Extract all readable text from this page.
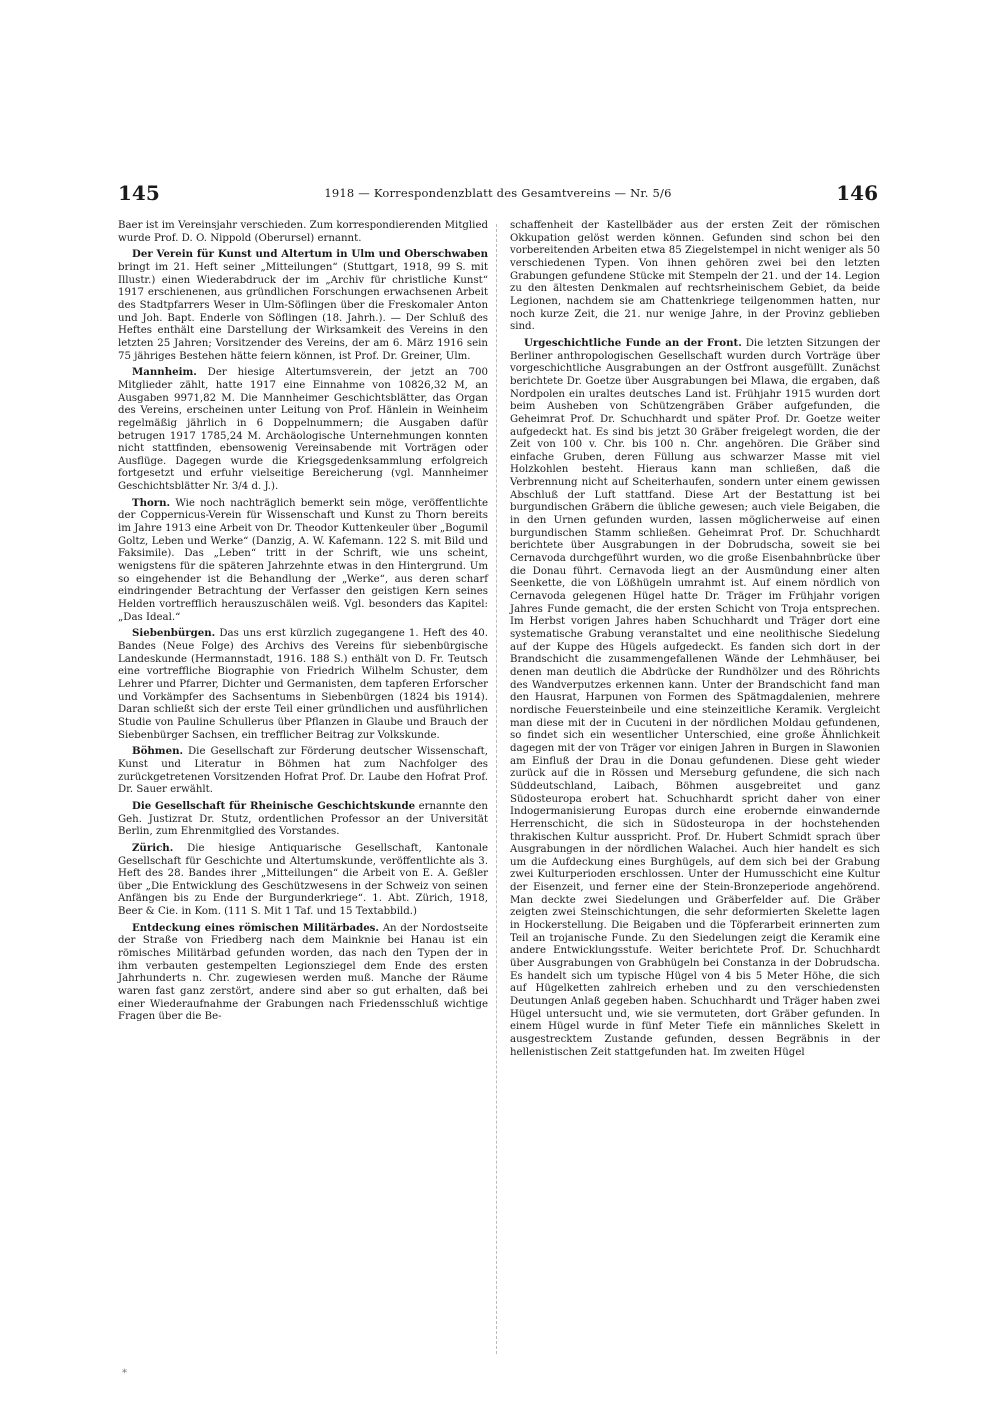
145	1918 — Korrespondenzblatt des Gesamtvereins — Nr. 5/6	146

Baer ist im Vereinsjahr verschieden. Zum korrespondierenden Mitglied wurde Prof. D. O. Nippold (Oberursel) ernannt.

Der Verein für Kunst und Altertum in Ulm und Oberschwaben bringt im 21. Heft seiner „Mitteilungen“ (Stuttgart, 1918, 99 S. mit Illustr.) einen Wiederabdruck der im „Archiv für christliche Kunst“ 1917 erschienenen, aus gründlichen Forschungen erwachsenen Arbeit des Stadtpfarrers Weser in Ulm-Söflingen über die Freskomaler Anton und Joh. Bapt. Enderle von Söflingen (18. Jahrh.). — Der Schluß des Heftes enthält eine Darstellung der Wirksamkeit des Vereins in den letzten 25 Jahren; Vorsitzender des Vereins, der am 6. März 1916 sein 75 jähriges Bestehen hätte feiern können, ist Prof. Dr. Greiner, Ulm.

Mannheim. Der hiesige Altertumsverein, der jetzt an 700 Mitglieder zählt, hatte 1917 eine Einnahme von 10826,32 M, an Ausgaben 9971,82 M. Die Mannheimer Geschichtsblätter, das Organ des Vereins, erscheinen unter Leitung von Prof. Hänlein in Weinheim regelmäßig jährlich in 6 Doppelnummern; die Ausgaben dafür betrugen 1917 1785,24 M. Archäologische Unternehmungen konnten nicht stattfinden, ebensowenig Vereinsabende mit Vorträgen oder Ausflüge. Dagegen wurde die Kriegsgedenksammlung erfolgreich fortgesetzt und erfuhr vielseitige Bereicherung (vgl. Mannheimer Geschichtsblätter Nr. 3/4 d. J.).

Thorn. Wie noch nachträglich bemerkt sein möge, veröffentlichte der Coppernicus-Verein für Wissenschaft und Kunst zu Thorn bereits im Jahre 1913 eine Arbeit von Dr. Theodor Kuttenkeuler über „Bogumil Goltz, Leben und Werke“ (Danzig, A. W. Kafemann. 122 S. mit Bild und Faksimile). Das „Leben“ tritt in der Schrift, wie uns scheint, wenigstens für die späteren Jahrzehnte etwas in den Hintergrund. Um so eingehender ist die Behandlung der „Werke“, aus deren scharf eindringender Betrachtung der Verfasser den geistigen Kern seines Helden vortrefflich herauszuschälen weiß. Vgl. besonders das Kapitel: „Das Ideal.“

Siebenbürgen. Das uns erst kürzlich zugegangene 1. Heft des 40. Bandes (Neue Folge) des Archivs des Vereins für siebenbürgische Landeskunde (Hermannstadt, 1916. 188 S.) enthält von D. Fr. Teutsch eine vortreffliche Biographie von Friedrich Wilhelm Schuster, dem Lehrer und Pfarrer, Dichter und Germanisten, dem tapferen Erforscher und Vorkämpfer des Sachsentums in Siebenbürgen (1824 bis 1914). Daran schließt sich der erste Teil einer gründlichen und ausführlichen Studie von Pauline Schullerus über Pflanzen in Glaube und Brauch der Siebenbürger Sachsen, ein trefflicher Beitrag zur Volkskunde.

Böhmen. Die Gesellschaft zur Förderung deutscher Wissenschaft, Kunst und Literatur in Böhmen hat zum Nachfolger des zurückgetretenen Vorsitzenden Hofrat Prof. Dr. Laube den Hofrat Prof. Dr. Sauer erwählt.

Die Gesellschaft für Rheinische Geschichtskunde ernannte den Geh. Justizrat Dr. Stutz, ordentlichen Professor an der Universität Berlin, zum Ehrenmitglied des Vorstandes.

Zürich. Die hiesige Antiquarische Gesellschaft, Kantonale Gesellschaft für Geschichte und Altertumskunde, veröffentlichte als 3. Heft des 28. Bandes ihrer „Mitteilungen“ die Arbeit von E. A. Geßler über „Die Entwicklung des Geschützwesens in der Schweiz von seinen Anfängen bis zu Ende der Burgunderkriege“. 1. Abt. Zürich, 1918, Beer & Cie. in Kom. (111 S. Mit 1 Taf. und 15 Textabbild.)

Entdeckung eines römischen Militärbades. An der Nordostseite der Straße von Friedberg nach dem Mainknie bei Hanau ist ein römisches Militärbad gefunden worden, das nach den Typen der in ihm verbauten gestempelten Legionsziegel dem Ende des ersten Jahrhunderts n. Chr. zugewiesen werden muß. Manche der Räume waren fast ganz zerstört, andere sind aber so gut erhalten, daß bei einer Wiederaufnahme der Grabungen nach Friedensschluß wichtige Fragen über die Be-

schaffenheit der Kastellbäder aus der ersten Zeit der römischen Okkupation gelöst werden können. Gefunden sind schon bei den vorbereitenden Arbeiten etwa 85 Ziegelstempel in nicht weniger als 50 verschiedenen Typen. Von ihnen gehören zwei bei den letzten Grabungen gefundene Stücke mit Stempeln der 21. und der 14. Legion zu den ältesten Denkmalen auf rechtsrheinischem Gebiet, da beide Legionen, nachdem sie am Chattenkriege teilgenommen hatten, nur noch kurze Zeit, die 21. nur wenige Jahre, in der Provinz geblieben sind.

Urgeschichtliche Funde an der Front. Die letzten Sitzungen der Berliner anthropologischen Gesellschaft wurden durch Vorträge über vorgeschichtliche Ausgrabungen an der Ostfront ausgefüllt. Zunächst berichtete Dr. Goetze über Ausgrabungen bei Mlawa, die ergaben, daß Nordpolen ein uraltes deutsches Land ist. Frühjahr 1915 wurden dort beim Ausheben von Schützengräben Gräber aufgefunden, die Geheimrat Prof. Dr. Schuchhardt und später Prof. Dr. Goetze weiter aufgedeckt hat. Es sind bis jetzt 30 Gräber freigelegt worden, die der Zeit von 100 v. Chr. bis 100 n. Chr. angehören. Die Gräber sind einfache Gruben, deren Füllung aus schwarzer Masse mit viel Holzkohlen besteht. Hieraus kann man schließen, daß die Verbrennung nicht auf Scheiterhaufen, sondern unter einem gewissen Abschluß der Luft stattfand. Diese Art der Bestattung ist bei burgundischen Gräbern die übliche gewesen; auch viele Beigaben, die in den Urnen gefunden wurden, lassen möglicherweise auf einen burgundischen Stamm schließen. Geheimrat Prof. Dr. Schuchhardt berichtete über Ausgrabungen in der Dobrudscha, soweit sie bei Cernavoda durchgeführt wurden, wo die große Eisenbahnbrücke über die Donau führt. Cernavoda liegt an der Ausmündung einer alten Seenkette, die von Lößhügeln umrahmt ist. Auf einem nördlich von Cernavoda gelegenen Hügel hatte Dr. Träger im Frühjahr vorigen Jahres Funde gemacht, die der ersten Schicht von Troja entsprechen. Im Herbst vorigen Jahres haben Schuchhardt und Träger dort eine systematische Grabung veranstaltet und eine neolithische Siedelung auf der Kuppe des Hügels aufgedeckt. Es fanden sich dort in der Brandschicht die zusammengefallenen Wände der Lehmhäuser, bei denen man deutlich die Abdrücke der Rundhölzer und des Röhrichts des Wandverputzes erkennen kann. Unter der Brandschicht fand man den Hausrat, Harpunen von Formen des Spätmagdalenien, mehrere nordische Feuersteinbeile und eine steinzeitliche Keramik. Vergleicht man diese mit der in Cucuteni in der nördlichen Moldau gefundenen, so findet sich ein wesentlicher Unterschied, eine große Ähnlichkeit dagegen mit der von Träger vor einigen Jahren in Burgen in Slawonien am Einfluß der Drau in die Donau gefundenen. Diese geht wieder zurück auf die in Rössen und Merseburg gefundene, die sich nach Süddeutschland, Laibach, Böhmen ausgebreitet und ganz Südosteuropa erobert hat. Schuchhardt spricht daher von einer Indogermanisierung Europas durch eine erobernde einwandernde Herrenschicht, die sich in Südosteuropa in der hochstehenden thrakischen Kultur ausspricht. Prof. Dr. Hubert Schmidt sprach über Ausgrabungen in der nördlichen Walachei. Auch hier handelt es sich um die Aufdeckung eines Burghügels, auf dem sich bei der Grabung zwei Kulturperioden erschlossen. Unter der Humusschicht eine Kultur der Eisenzeit, und ferner eine der Stein-Bronzeperiode angehörend. Man deckte zwei Siedelungen und Gräberfelder auf. Die Gräber zeigten zwei Steinschichtungen, die sehr deformierten Skelette lagen in Hockerstellung. Die Beigaben und die Töpferarbeit erinnerten zum Teil an trojanische Funde. Zu den Siedelungen zeigt die Keramik eine andere Entwicklungsstufe. Weiter berichtete Prof. Dr. Schuchhardt über Ausgrabungen von Grabhügeln bei Constanza in der Dobrudscha. Es handelt sich um typische Hügel von 4 bis 5 Meter Höhe, die sich auf Hügelketten zahlreich erheben und zu den verschiedensten Deutungen Anlaß gegeben haben. Schuchhardt und Träger haben zwei Hügel untersucht und, wie sie vermuteten, dort Gräber gefunden. In einem Hügel wurde in fünf Meter Tiefe ein männliches Skelett in ausgestrecktem Zustande gefunden, dessen Begräbnis in der hellenistischen Zeit stattgefunden hat. Im zweiten Hügel

*
